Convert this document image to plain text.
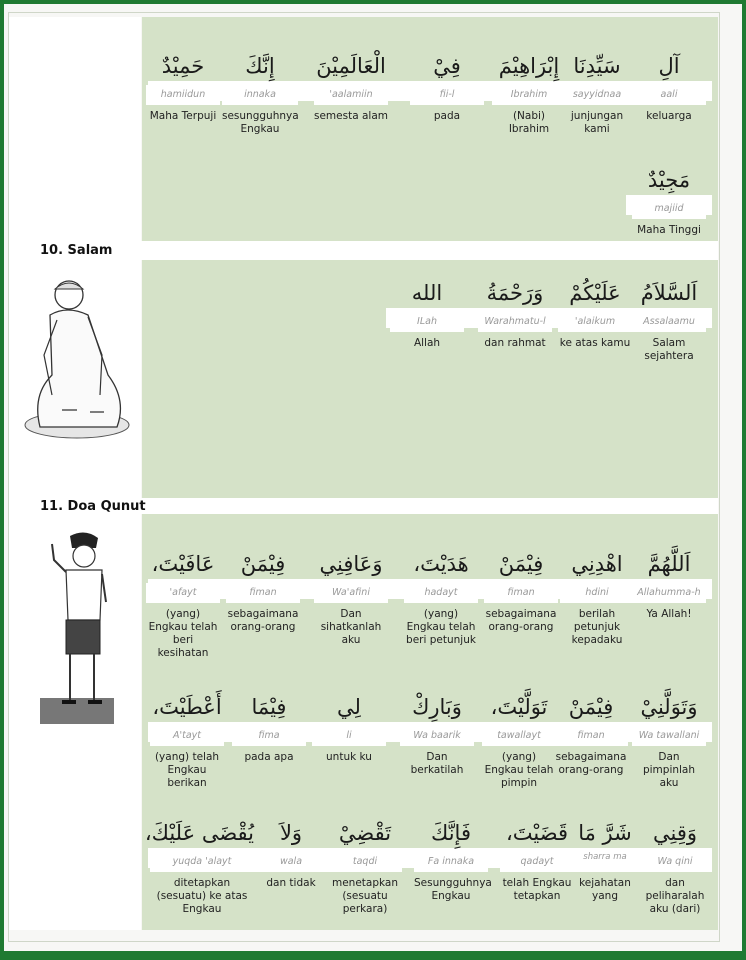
آلِ
aali
keluarga
سَيِّدِنَا
sayyidnaa
junjungan kami
إِبْرَاهِيْمَ
Ibrahim
(Nabi) Ibrahim
فِيْ
fii-l
pada
الْعَالَمِيْنَ
'aalamiin
semesta alam
إِنَّكَ
innaka
sesungguhnya Engkau
حَمِيْدٌ
hamiidun
Maha Terpuji
مَجِيْدٌ
majiid
Maha Tinggi
10. Salam
اَلسَّلاَمُ
Assalaamu
Salam sejahtera
عَلَيْكُمْ
'alaikum
ke atas kamu
وَرَحْمَةُ
Warahmatu-l
dan rahmat
الله
ILah
Allah
11. Doa Qunut
اَللَّهُمَّ
Allahumma-h
Ya Allah!
اهْدِنِي
hdini
berilah petunjuk kepadaku
فِيْمَنْ
fiman
sebagaimana orang-orang
هَدَيْتَ،
hadayt
(yang) Engkau telah beri petunjuk
وَعَافِنِي
Wa'afini
Dan sihatkanlah aku
فِيْمَنْ
fiman
sebagaimana orang-orang
عَافَيْتَ،
'afayt
(yang) Engkau telah beri kesihatan
وَتَوَلَّنِيْ
Wa tawallani
Dan pimpinlah aku
فِيْمَنْ
fiman
sebagaimana orang-orang
تَوَلَّيْتَ،
tawallayt
(yang) Engkau telah pimpin
وَبَارِكْ
Wa baarik
Dan berkatilah
لِي
li
untuk ku
فِيْمَا
fima
pada apa
أَعْطَيْتَ،
A'tayt
(yang) telah Engkau berikan
وَقِنِي
Wa qini
dan peliharalah aku (dari)
شَرَّ مَا
sharra ma
kejahatan yang
قَضَيْتَ،
qadayt
telah Engkau tetapkan
فَإِنَّكَ
Fa innaka
Sesungguhnya Engkau
تَقْضِيْ
taqdi
menetapkan (sesuatu perkara)
وَلاَ
wala
dan tidak
يُقْضَى عَلَيْكَ،
yuqda 'alayt
ditetapkan (sesuatu) ke atas Engkau
